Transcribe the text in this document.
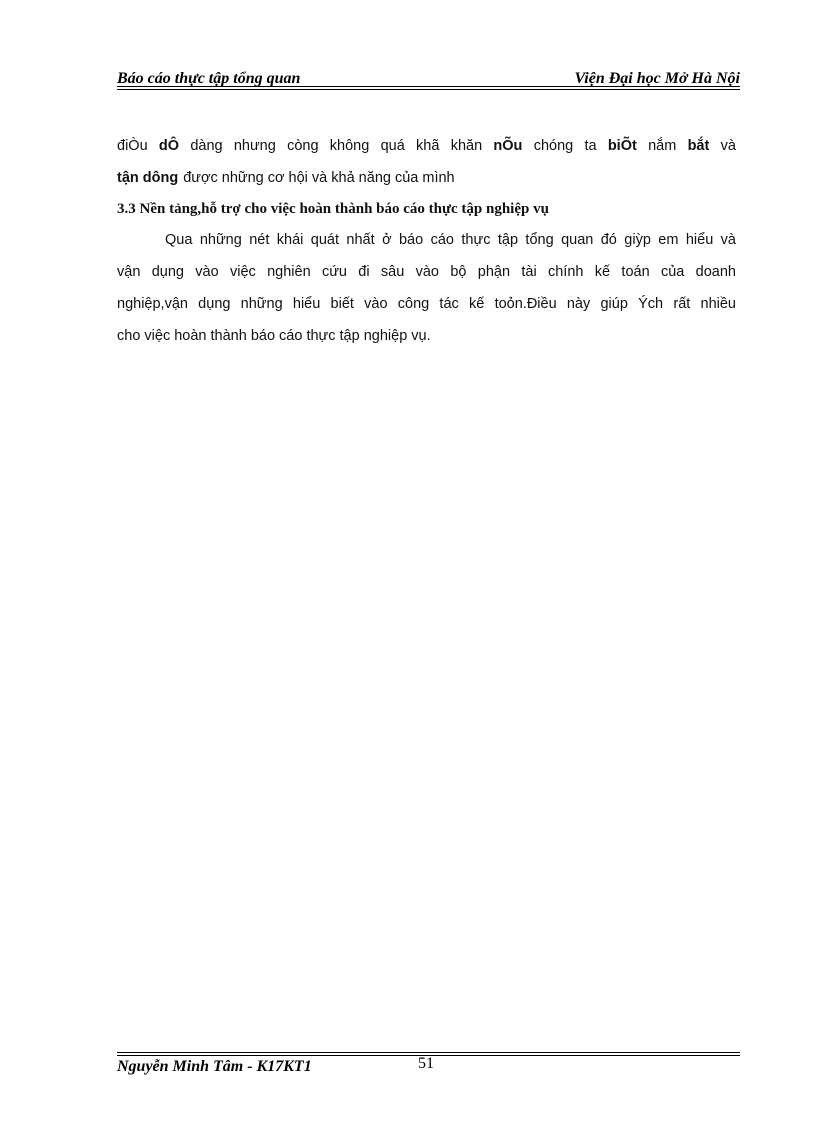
Báo cáo thực tập tổng quan	Viện Đại học Mở Hà Nội
điÒu dÔ dàng nhưng còng không quá khã khăn nÕu chóng ta biÕt nắm bắt và
tận dông được những cơ hội và khả năng của mình
3.3 Nền tảng,hỗ trợ cho việc hoàn thành báo cáo thực tập nghiệp vụ
Qua những nét khái quát nhất ở báo cáo thực tập tổng quan đó giỳp em hiểu và
vận dụng vào việc nghiên cứu đi sâu vào bộ phận tài chính kế toán của doanh
nghiệp,vận dụng những hiểu biết vào công tác kế toỏn.Điều này giúp Ých rất nhiều
cho việc hoàn thành báo cáo thực tập nghiệp vụ.
Nguyễn Minh Tâm - K17KT1	51
